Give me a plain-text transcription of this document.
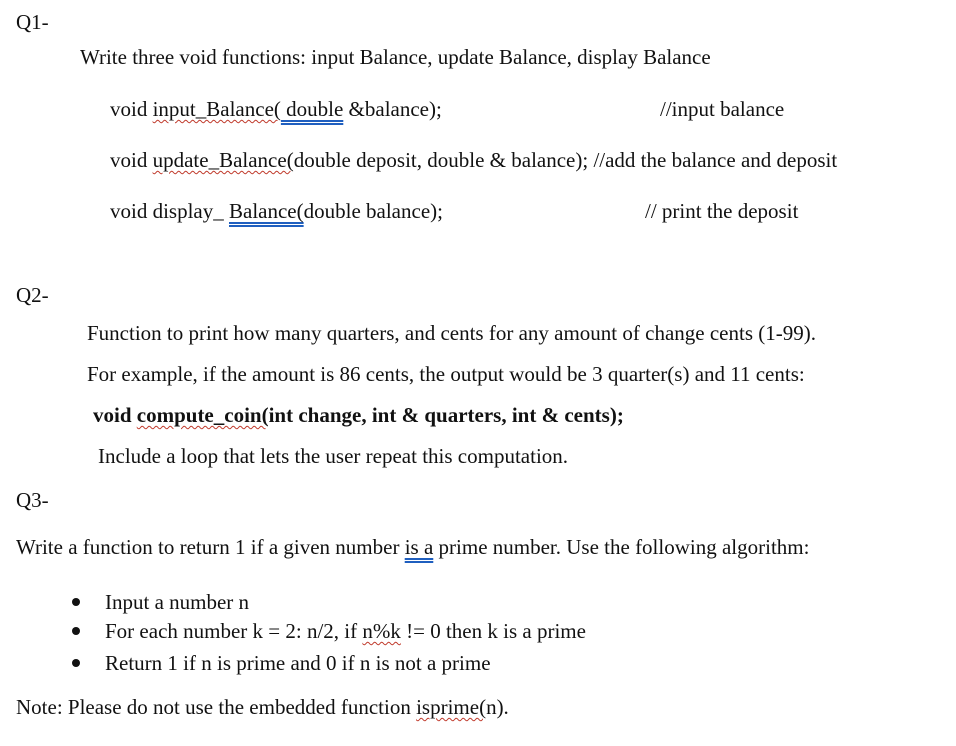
Q1-
Write three void functions: input Balance, update Balance, display Balance
void input_Balance( double &balance);	//input balance
void update_Balance(double deposit, double & balance); //add the balance and deposit
void display_ Balance(double balance);	// print the deposit
Q2-
Function to print how many quarters, and cents for any amount of change cents (1-99).
For example, if the amount is 86 cents, the output would be 3 quarter(s) and 11 cents:
void compute_coin(int change, int & quarters, int & cents);
Include a loop that lets the user repeat this computation.
Q3-
Write a function to return 1 if a given number is a prime number. Use the following algorithm:
Input a number n
For each number k = 2: n/2, if n%k != 0 then k is a prime
Return 1 if n is prime and 0 if n is not a prime
Note: Please do not use the embedded function isprime(n).
